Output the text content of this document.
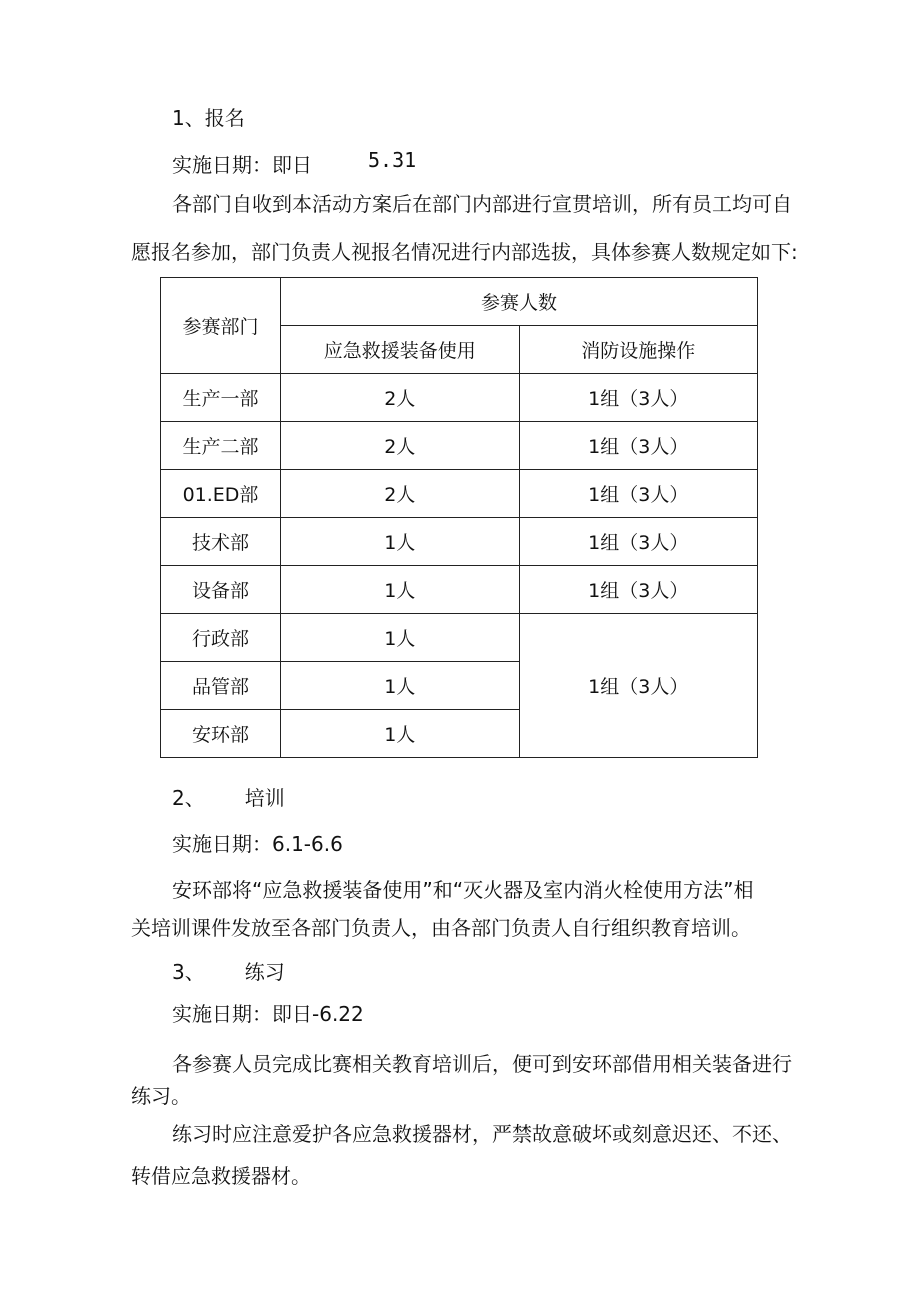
1、报名
实施日期：即日	5.31
各部门自收到本活动方案后在部门内部进行宣贯培训，所有员工均可自
愿报名参加，部门负责人视报名情况进行内部选拔，具体参赛人数规定如下:
参赛部门	参赛人数	
	应急救援装备使用	消防设施操作
生产一部	2人	1组（3人）
生产二部	2人	1组（3人）
01.ED部	2人	1组（3人）
技术部	1人	1组（3人）
设备部	1人	1组（3人）
行政部	1人	1组（3人）
品管部	1人	
安环部	1人	
2、 培训
实施日期：6.1-6.6
安环部将“应急救援装备使用”和“灭火器及室内消火栓使用方法”相
关培训课件发放至各部门负责人，由各部门负责人自行组织教育培训。
3、 练习
实施日期：即日-6.22
各参赛人员完成比赛相关教育培训后，便可到安环部借用相关装备进行
练习。
练习时应注意爱护各应急救援器材，严禁故意破坏或刻意迟还、不还、
转借应急救援器材。
